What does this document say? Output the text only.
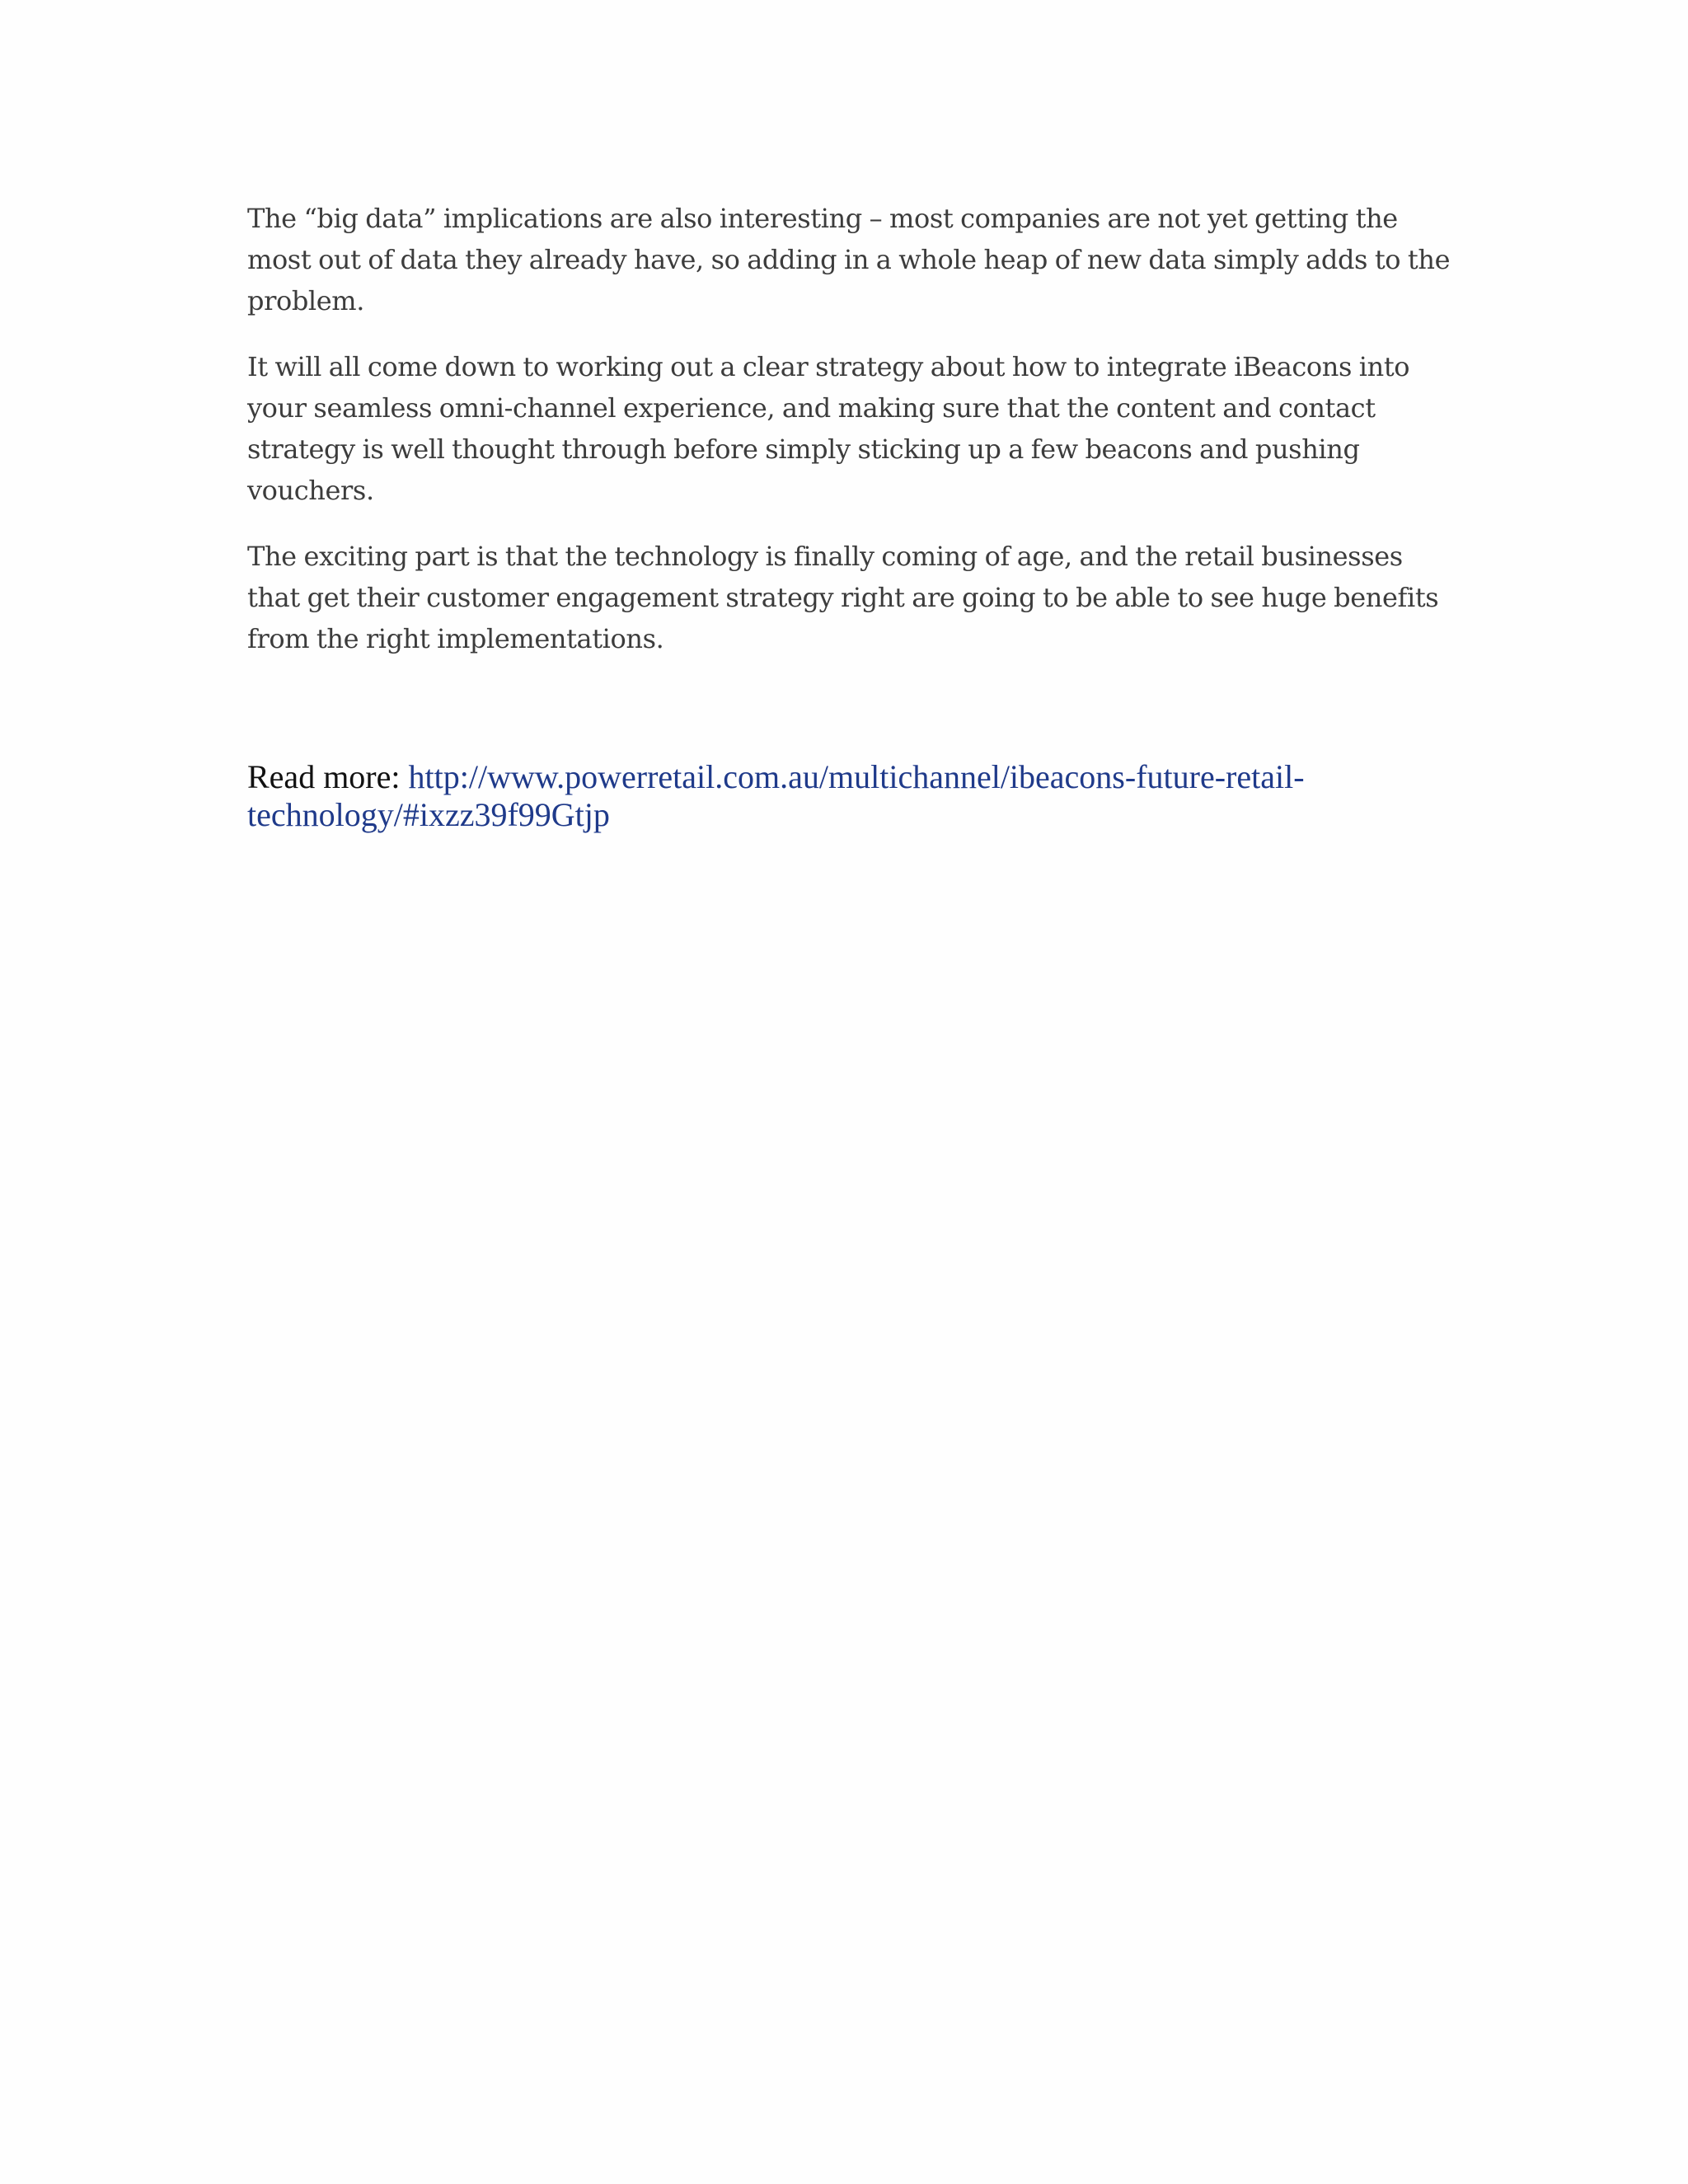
The “big data” implications are also interesting – most companies are not yet getting the most out of data they already have, so adding in a whole heap of new data simply adds to the problem.

It will all come down to working out a clear strategy about how to integrate iBeacons into your seamless omni-channel experience, and making sure that the content and contact strategy is well thought through before simply sticking up a few beacons and pushing vouchers.

The exciting part is that the technology is finally coming of age, and the retail businesses that get their customer engagement strategy right are going to be able to see huge benefits from the right implementations.

Read more: http://www.powerretail.com.au/multichannel/ibeacons-future-retail-technology/#ixzz39f99Gtjp
